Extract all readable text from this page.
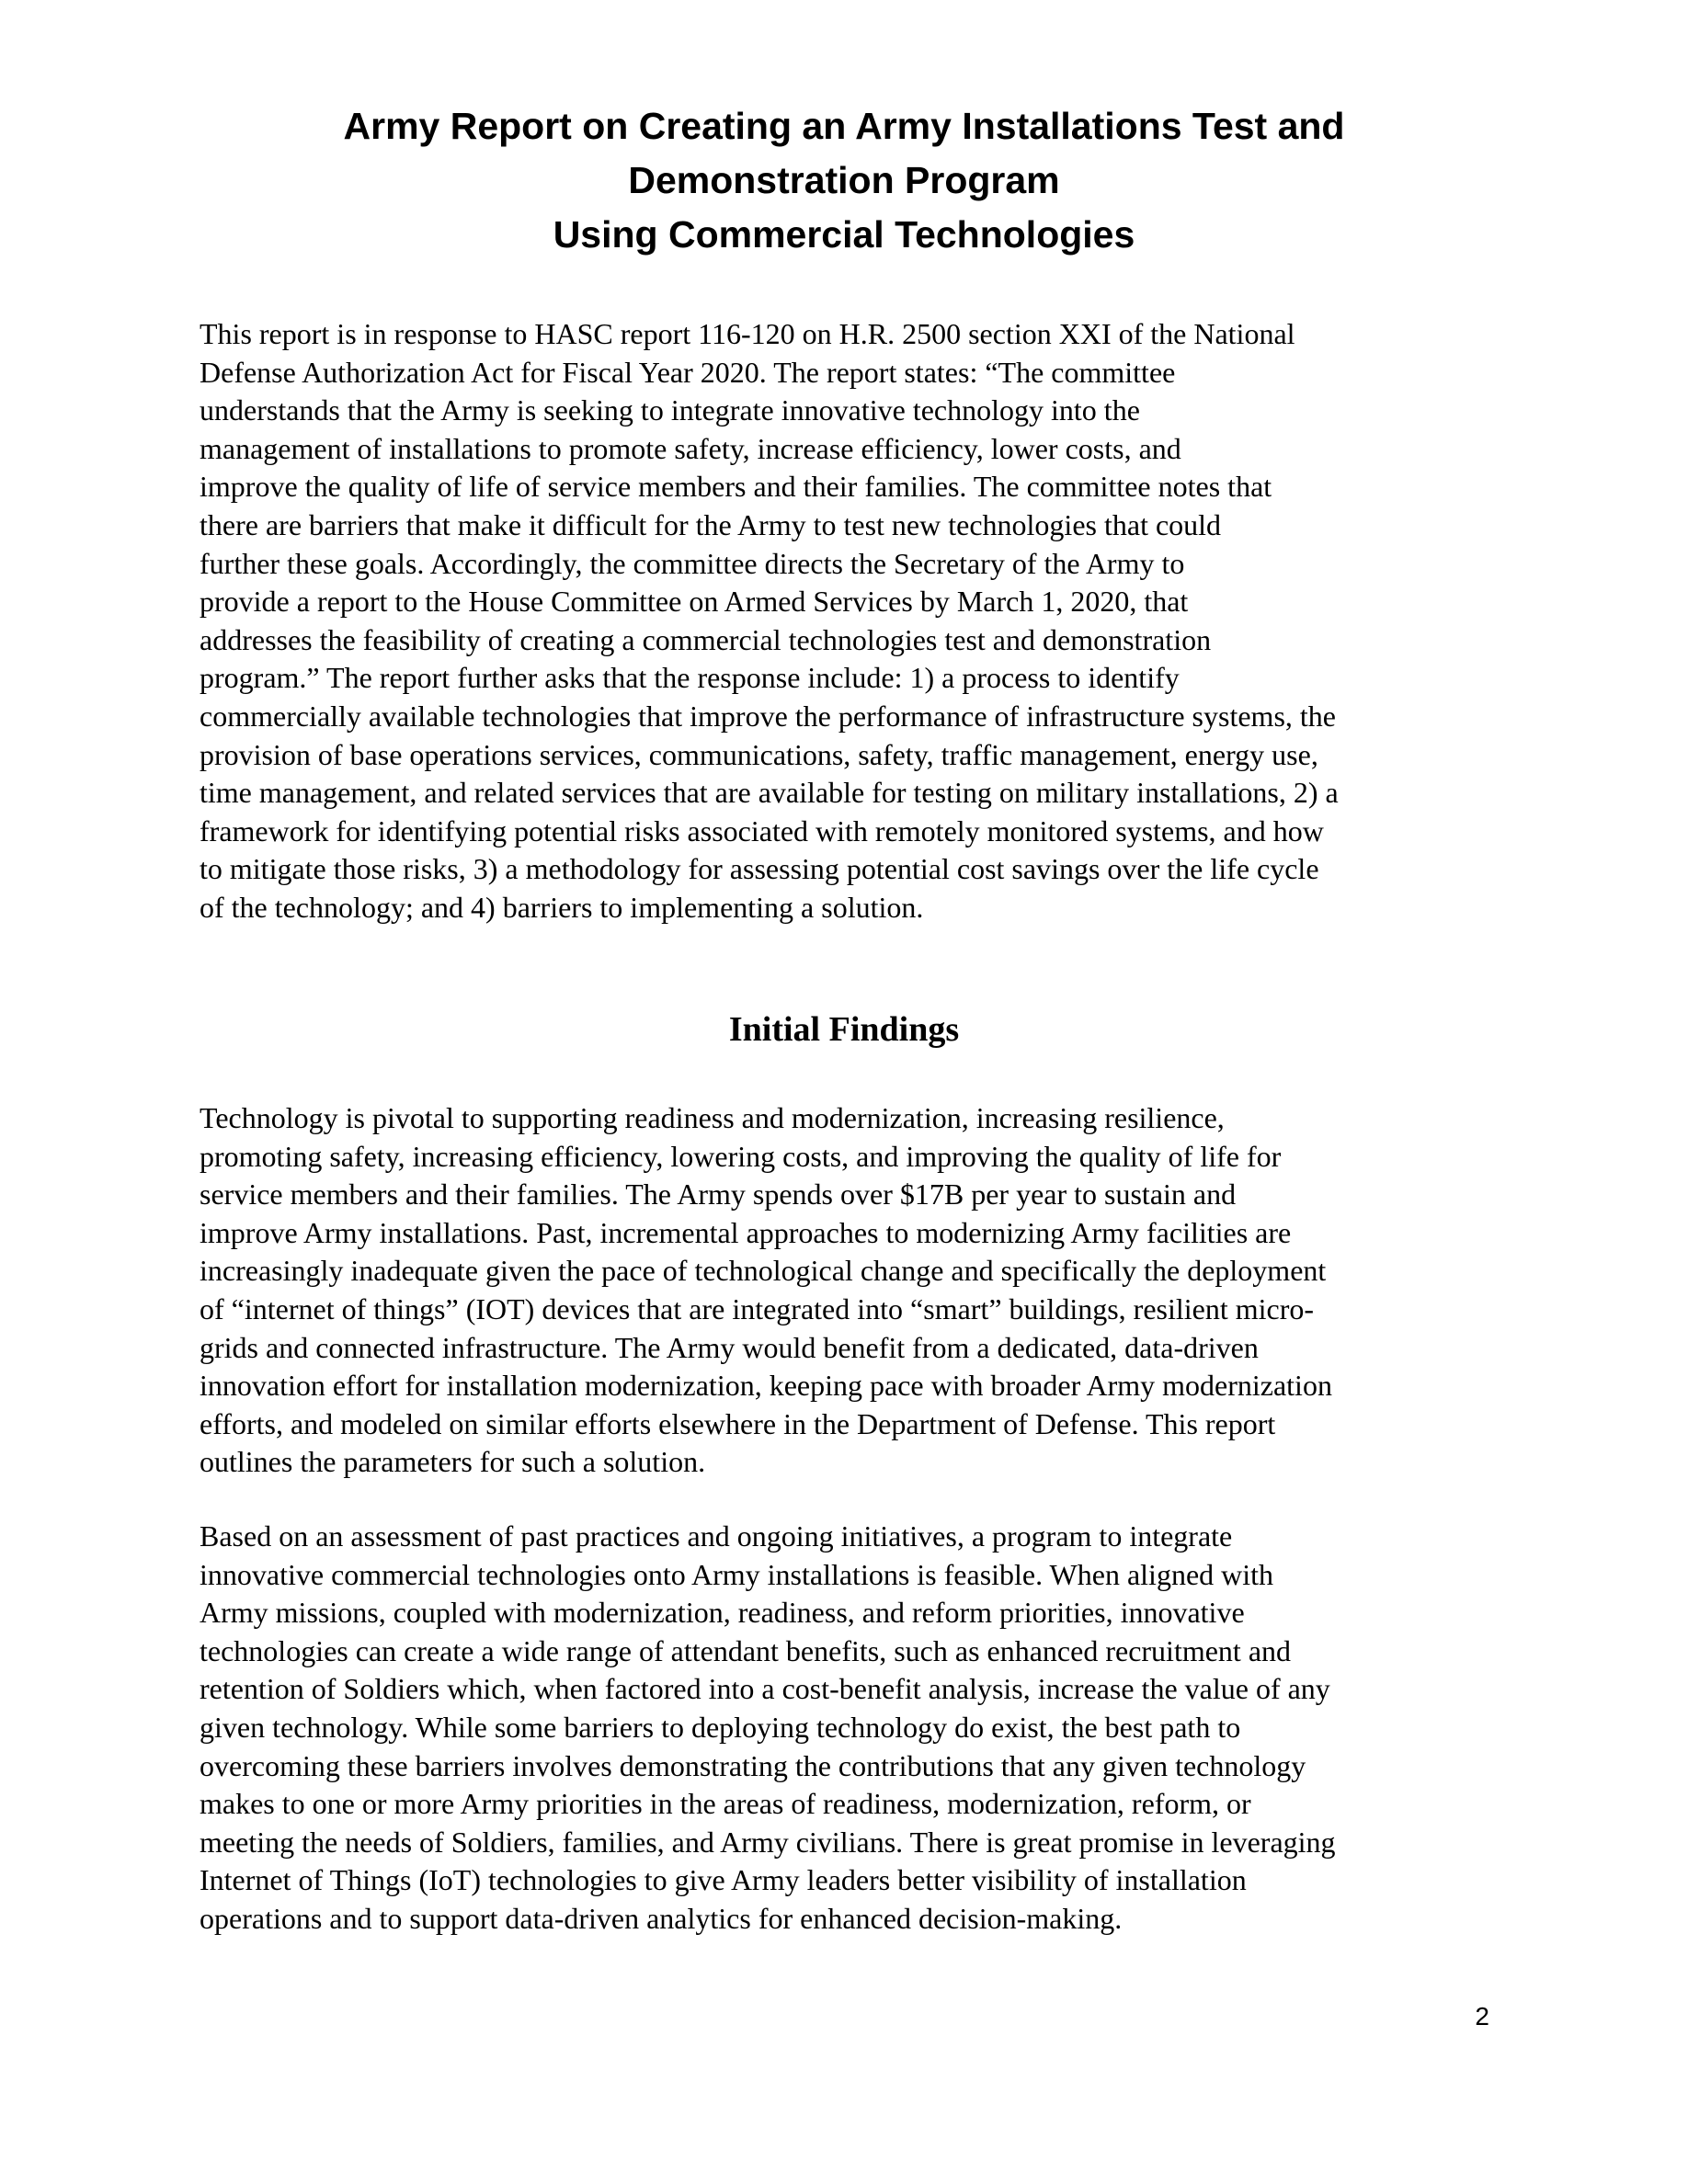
Army Report on Creating an Army Installations Test and
Demonstration Program
Using Commercial Technologies

This report is in response to HASC report 116-120 on H.R. 2500 section XXI of the National
Defense Authorization Act for Fiscal Year 2020. The report states: “The committee
understands that the Army is seeking to integrate innovative technology into the
management of installations to promote safety, increase efficiency, lower costs, and
improve the quality of life of service members and their families. The committee notes that
there are barriers that make it difficult for the Army to test new technologies that could
further these goals. Accordingly, the committee directs the Secretary of the Army to
provide a report to the House Committee on Armed Services by March 1, 2020, that
addresses the feasibility of creating a commercial technologies test and demonstration
program.” The report further asks that the response include: 1) a process to identify
commercially available technologies that improve the performance of infrastructure systems, the
provision of base operations services, communications, safety, traffic management, energy use,
time management, and related services that are available for testing on military installations, 2) a
framework for identifying potential risks associated with remotely monitored systems, and how
to mitigate those risks, 3) a methodology for assessing potential cost savings over the life cycle
of the technology; and 4) barriers to implementing a solution.

Initial Findings

Technology is pivotal to supporting readiness and modernization, increasing resilience,
promoting safety, increasing efficiency, lowering costs, and improving the quality of life for
service members and their families. The Army spends over $17B per year to sustain and
improve Army installations. Past, incremental approaches to modernizing Army facilities are
increasingly inadequate given the pace of technological change and specifically the deployment
of “internet of things” (IOT) devices that are integrated into “smart” buildings, resilient micro-
grids and connected infrastructure. The Army would benefit from a dedicated, data-driven
innovation effort for installation modernization, keeping pace with broader Army modernization
efforts, and modeled on similar efforts elsewhere in the Department of Defense. This report
outlines the parameters for such a solution.

Based on an assessment of past practices and ongoing initiatives, a program to integrate
innovative commercial technologies onto Army installations is feasible. When aligned with
Army missions, coupled with modernization, readiness, and reform priorities, innovative
technologies can create a wide range of attendant benefits, such as enhanced recruitment and
retention of Soldiers which, when factored into a cost-benefit analysis, increase the value of any
given technology. While some barriers to deploying technology do exist, the best path to
overcoming these barriers involves demonstrating the contributions that any given technology
makes to one or more Army priorities in the areas of readiness, modernization, reform, or
meeting the needs of Soldiers, families, and Army civilians. There is great promise in leveraging
Internet of Things (IoT) technologies to give Army leaders better visibility of installation
operations and to support data-driven analytics for enhanced decision-making.

2
